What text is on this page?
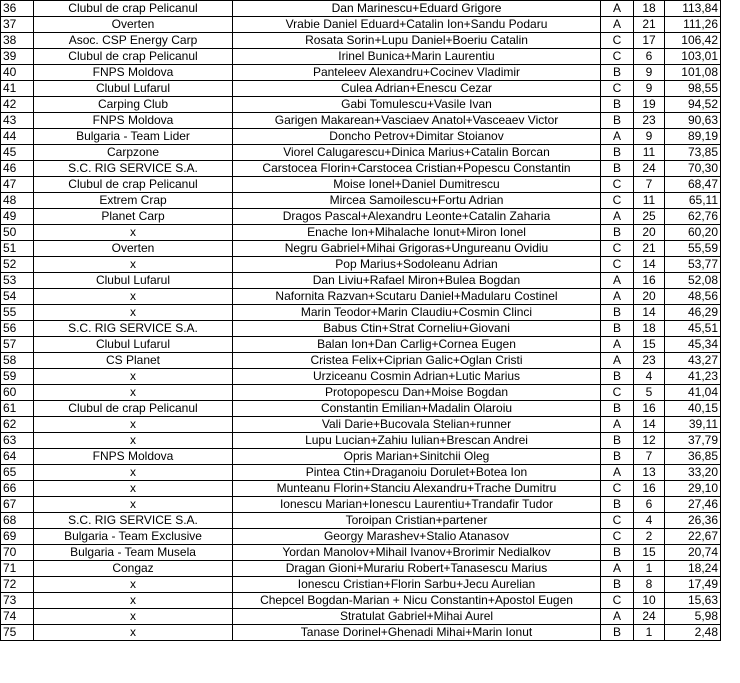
36	Clubul de crap Pelicanul	Dan Marinescu+Eduard Grigore	A	18	113,84
37	Overten	Vrabie Daniel Eduard+Catalin Ion+Sandu Podaru	A	21	111,26
38	Asoc. CSP Energy Carp	Rosata Sorin+Lupu Daniel+Boeriu Catalin	C	17	106,42
39	Clubul de crap Pelicanul	Irinel Bunica+Marin Laurentiu	C	6	103,01
40	FNPS Moldova	Panteleev Alexandru+Cocinev Vladimir	B	9	101,08
41	Clubul Lufarul	Culea Adrian+Enescu Cezar	C	9	98,55
42	Carping Club	Gabi Tomulescu+Vasile Ivan	B	19	94,52
43	FNPS Moldova	Garigen Makarean+Vasciaev Anatol+Vasceaev Victor	B	23	90,63
44	Bulgaria - Team Lider	Doncho Petrov+Dimitar Stoianov	A	9	89,19
45	Carpzone	Viorel Calugarescu+Dinica Marius+Catalin Borcan	B	11	73,85
46	S.C. RIG SERVICE S.A.	Carstocea Florin+Carstocea Cristian+Popescu Constantin	B	24	70,30
47	Clubul de crap Pelicanul	Moise Ionel+Daniel Dumitrescu	C	7	68,47
48	Extrem Crap	Mircea Samoilescu+Fortu Adrian	C	11	65,11
49	Planet Carp	Dragos Pascal+Alexandru Leonte+Catalin Zaharia	A	25	62,76
50	x	Enache Ion+Mihalache Ionut+Miron Ionel	B	20	60,20
51	Overten	Negru Gabriel+Mihai Grigoras+Ungureanu Ovidiu	C	21	55,59
52	x	Pop Marius+Sodoleanu Adrian	C	14	53,77
53	Clubul Lufarul	Dan Liviu+Rafael Miron+Bulea Bogdan	A	16	52,08
54	x	Nafornita Razvan+Scutaru Daniel+Madularu Costinel	A	20	48,56
55	x	Marin Teodor+Marin Claudiu+Cosmin Clinci	B	14	46,29
56	S.C. RIG SERVICE S.A.	Babus Ctin+Strat Corneliu+Giovani	B	18	45,51
57	Clubul Lufarul	Balan Ion+Dan Carlig+Cornea Eugen	A	15	45,34
58	CS Planet	Cristea Felix+Ciprian Galic+Oglan Cristi	A	23	43,27
59	x	Urziceanu Cosmin Adrian+Lutic Marius	B	4	41,23
60	x	Protopopescu Dan+Moise Bogdan	C	5	41,04
61	Clubul de crap Pelicanul	Constantin Emilian+Madalin Olaroiu	B	16	40,15
62	x	Vali Darie+Bucovala Stelian+runner	A	14	39,11
63	x	Lupu Lucian+Zahiu Iulian+Brescan Andrei	B	12	37,79
64	FNPS Moldova	Opris Marian+Sinitchii Oleg	B	7	36,85
65	x	Pintea Ctin+Draganoiu Dorulet+Botea Ion	A	13	33,20
66	x	Munteanu Florin+Stanciu Alexandru+Trache Dumitru	C	16	29,10
67	x	Ionescu Marian+Ionescu Laurentiu+Trandafir Tudor	B	6	27,46
68	S.C. RIG SERVICE S.A.	Toroipan Cristian+partener	C	4	26,36
69	Bulgaria - Team Exclusive	Georgy Marashev+Stalio Atanasov	C	2	22,67
70	Bulgaria - Team Musela	Yordan Manolov+Mihail Ivanov+Brorimir Nedialkov	B	15	20,74
71	Congaz	Dragan Gioni+Murariu Robert+Tanasescu Marius	A	1	18,24
72	x	Ionescu Cristian+Florin Sarbu+Jecu Aurelian	B	8	17,49
73	x	Chepcel Bogdan-Marian + Nicu Constantin+Apostol Eugen	C	10	15,63
74	x	Stratulat Gabriel+Mihai Aurel	A	24	5,98
75	x	Tanase Dorinel+Ghenadi Mihai+Marin Ionut	B	1	2,48
